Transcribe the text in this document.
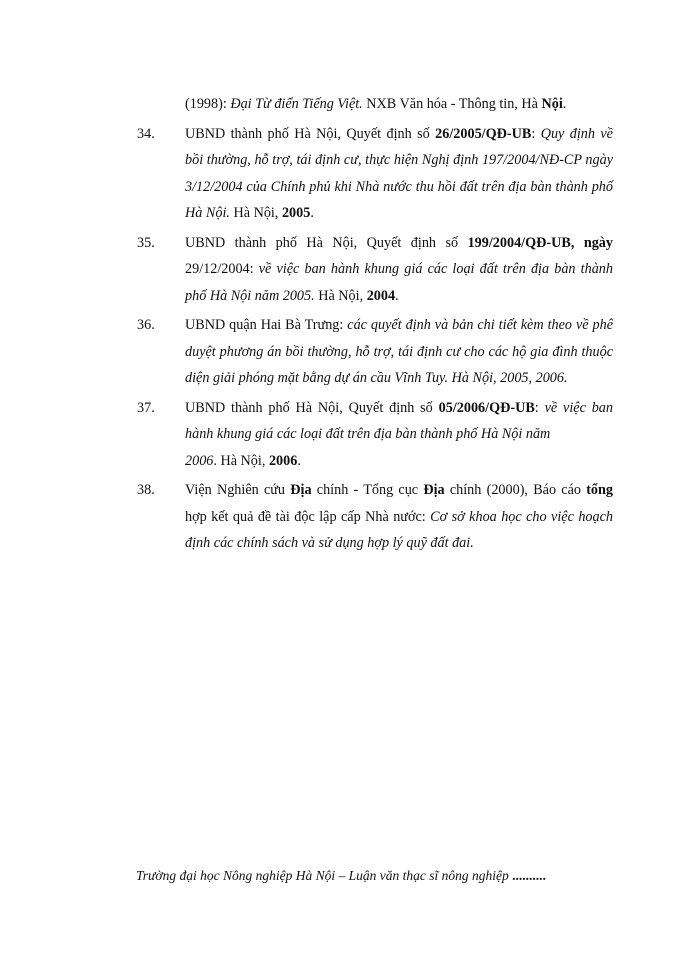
(1998): Đại Từ điển Tiếng Việt. NXB Văn hóa - Thông tin, Hà Nội.
34. UBND thành phố Hà Nội, Quyết định số 26/2005/QĐ-UB: Quy định về bồi thường, hỗ trợ, tái định cư, thực hiện Nghị định 197/2004/NĐ-CP ngày 3/12/2004 của Chính phủ khi Nhà nước thu hồi đất trên địa bàn thành phố Hà Nội. Hà Nội, 2005.
35. UBND thành phố Hà Nội, Quyết định số 199/2004/QĐ-UB, ngày 29/12/2004: về việc ban hành khung giá các loại đất trên địa bàn thành phố Hà Nội năm 2005. Hà Nội, 2004.
36. UBND quận Hai Bà Trưng: các quyết định và bản chi tiết kèm theo về phê duyệt phương án bồi thường, hỗ trợ, tái định cư cho các hộ gia đình thuộc diện giải phóng mặt bằng dự án cầu Vĩnh Tuy. Hà Nội, 2005, 2006.
37. UBND thành phố Hà Nội, Quyết định số 05/2006/QĐ-UB: về việc ban hành khung giá các loại đất trên địa bàn thành phố Hà Nội năm
2006. Hà Nội, 2006.
38. Viện Nghiên cứu Địa chính - Tổng cục Địa chính (2000), Báo cáo tổng hợp kết quả đề tài độc lập cấp Nhà nước: Cơ sở khoa học cho việc hoạch định các chính sách và sử dụng hợp lý quỹ đất đai.
Trường đại học Nông nghiệp Hà Nội – Luận văn thạc sĩ nông nghiệp ..........
